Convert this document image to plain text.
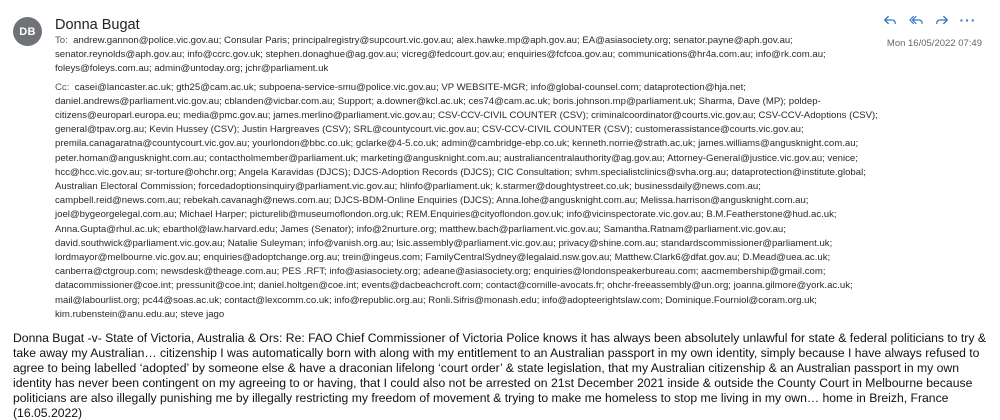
DB	Donna Bugat	···
Mon 16/05/2022 07:49
To: andrew.gannon@police.vic.gov.au; Consular Paris; principalregistry@supcourt.vic.gov.au; alex.hawke.mp@aph.gov.au; EA@asiasociety.org; senator.payne@aph.gov.au; senator.reynolds@aph.gov.au; info@ccrc.gov.uk; stephen.donaghue@ag.gov.au; vicreg@fedcourt.gov.au; enquiries@fcfcoa.gov.au; communications@hr4a.com.au; info@rk.com.au; foleys@foleys.com.au; admin@untoday.org; jchr@parliament.uk
Cc: casei@lancaster.ac.uk; gth25@cam.ac.uk; subpoena-service-smu@police.vic.gov.au; VP WEBSITE-MGR; info@global-counsel.com; dataprotection@hja.net; daniel.andrews@parliament.vic.gov.au; cblanden@vicbar.com.au; Support; a.downer@kcl.ac.uk; ces74@cam.ac.uk; boris.johnson.mp@parliament.uk; Sharma, Dave (MP); poldep-citizens@europarl.europa.eu; media@pmc.gov.au; james.merlino@parliament.vic.gov.au; CSV-CCV-CIVIL COUNTER (CSV); criminalcoordinator@courts.vic.gov.au; CSV-CCV-Adoptions (CSV); general@tpav.org.au; Kevin Hussey (CSV); Justin Hargreaves (CSV); SRL@countycourt.vic.gov.au; CSV-CCV-CIVIL COUNTER (CSV); customerassistance@courts.vic.gov.au; premila.canagaratna@countycourt.vic.gov.au; yourlondon@bbc.co.uk; gclarke@4-5.co.uk; admin@cambridge-ebp.co.uk; kenneth.norrie@strath.ac.uk; james.williams@angusknight.com.au; peter.homan@angusknight.com.au; contactholmember@parliament.uk; marketing@angusknight.com.au; australiancentralauthority@ag.gov.au; Attorney-General@justice.vic.gov.au; venice; hcc@hcc.vic.gov.au; sr-torture@ohchr.org; Angela Karavidas (DJCS); DJCS-Adoption Records (DJCS); CIC Consultation; svhm.specialistclinics@svha.org.au; dataprotection@institute.global; Australian Electoral Commission; forcedadoptionsinquiry@parliament.vic.gov.au; hlinfo@parliament.uk; k.starmer@doughtystreet.co.uk; businessdaily@news.com.au; campbell.reid@news.com.au; rebekah.cavanagh@news.com.au; DJCS-BDM-Online Enquiries (DJCS); Anna.lohe@angusknight.com.au; Melissa.harrison@angusknight.com.au; joel@bygeorgelegal.com.au; Michael Harper; picturelib@museumoflondon.org.uk; REM.Enquiries@cityoflondon.gov.uk; info@vicinspectorate.vic.gov.au; B.M.Featherstone@hud.ac.uk; Anna.Gupta@rhul.ac.uk; ebarthol@law.harvard.edu; James (Senator); info@2nurture.org; matthew.bach@parliament.vic.gov.au; Samantha.Ratnam@parliament.vic.gov.au; david.southwick@parliament.vic.gov.au; Natalie Suleyman; info@vanish.org.au; lsic.assembly@parliament.vic.gov.au; privacy@shine.com.au; standardscommissioner@parliament.uk; lordmayor@melbourne.vic.gov.au; enquiries@adoptchange.org.au; trein@ingeus.com; FamilyCentralSydney@legalaid.nsw.gov.au; Matthew.Clark6@dfat.gov.au; D.Mead@uea.ac.uk; canberra@ctgroup.com; newsdesk@theage.com.au; PES .RFT; info@asiasociety.org; adeane@asiasociety.org; enquiries@londonspeakerbureau.com; aacmembership@gmail.com; datacommissioner@coe.int; pressunit@coe.int; daniel.holtgen@coe.int; events@dacbeachcroft.com; contact@cornille-avocats.fr; ohchr-freeassembly@un.org; joanna.gilmore@york.ac.uk; mail@labourlist.org; pc44@soas.ac.uk; contact@lexcomm.co.uk; info@republic.org.au; Ronli.Sifris@monash.edu; info@adopteerightslaw.com; Dominique.Fourniol@coram.org.uk; kim.rubenstein@anu.edu.au; steve jago
Donna Bugat -v- State of Victoria, Australia & Ors: Re: FAO Chief Commissioner of Victoria Police knows it has always been absolutely unlawful for state & federal politicians to try & take away my Australian… citizenship I was automatically born with along with my entitlement to an Australian passport in my own identity, simply because I have always refused to agree to being labelled ‘adopted’ by someone else & have a draconian lifelong ‘court order’ & state legislation, that my Australian citizenship & an Australian passport in my own identity has never been contingent on my agreeing to or having, that I could also not be arrested on 21st December 2021 inside & outside the County Court in Melbourne because politicians are also illegally punishing me by illegally restricting my freedom of movement & trying to make me homeless to stop me living in my own… home in Breizh, France (16.05.2022)
